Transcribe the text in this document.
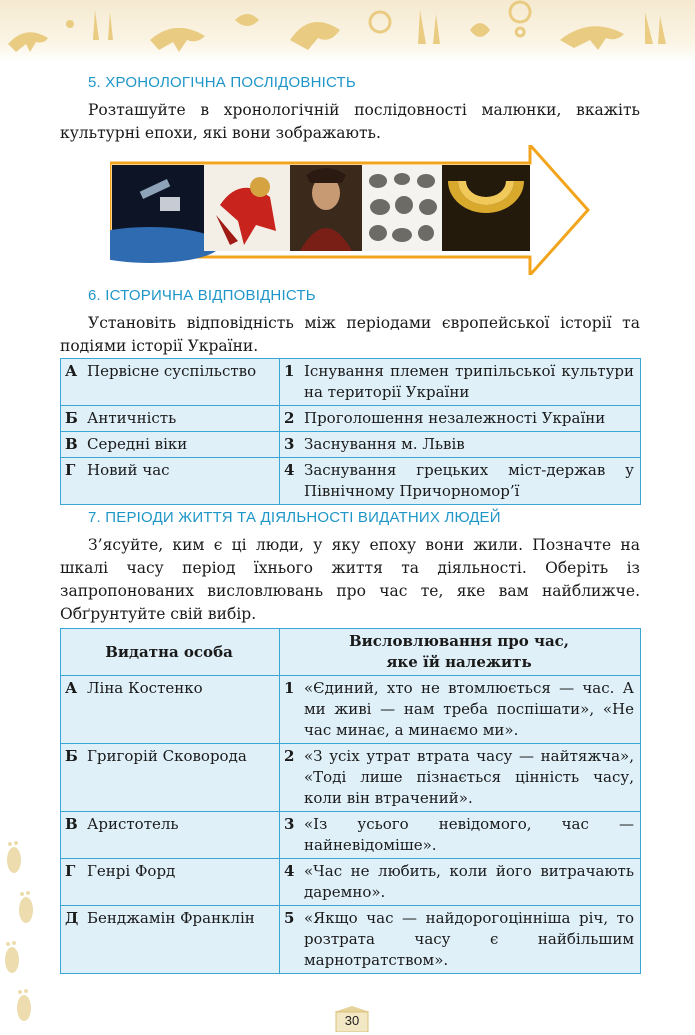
5. ХРОНОЛОГІЧНА ПОСЛІДОВНІСТЬ
Розташуйте в хронологічній послідовності малюнки, вкажіть культурні епохи, які вони зображають.
6. ІСТОРИЧНА ВІДПОВІДНІСТЬ
Установіть відповідність між періодами європейської історії та подіями історії України.
А Первісне суспільство	1 Існування племен трипільської культури на території України

Б Античність	2 Проголошення незалежності України

В Середні віки	3 Заснування м. Львів

Г Новий час	4 Заснування грецьких міст-держав у Північному Причорномор’ї
7. ПЕРІОДИ ЖИТТЯ ТА ДІЯЛЬНОСТІ ВИДАТНИХ ЛЮДЕЙ
З’ясуйте, ким є ці люди, у яку епоху вони жили. Позначте на шкалі часу період їхнього життя та діяльності. Оберіть із запропонованих висловлювань про час те, яке вам найближче. Обґрунтуйте свій вибір.
Видатна особа	Висловлювання про час,
яке їй належить

А Ліна Костенко	1 «Єдиний, хто не втомлюється — час. А ми живі — нам треба поспішати», «Не час минає, а минаємо ми».

Б Григорій Сковорода	2 «З усіх утрат втрата часу — найтяжча», «Тоді лише пізнається цінність часу, коли він втрачений».

В Аристотель	3 «Із усього невідомого, час — найневідоміше».

Г Генрі Форд	4 «Час не любить, коли його витрачають даремно».

Д Бенджамін Франклін	5 «Якщо час — найдорогоцінніша річ, то розтрата часу є найбільшим марнотратством».
30
